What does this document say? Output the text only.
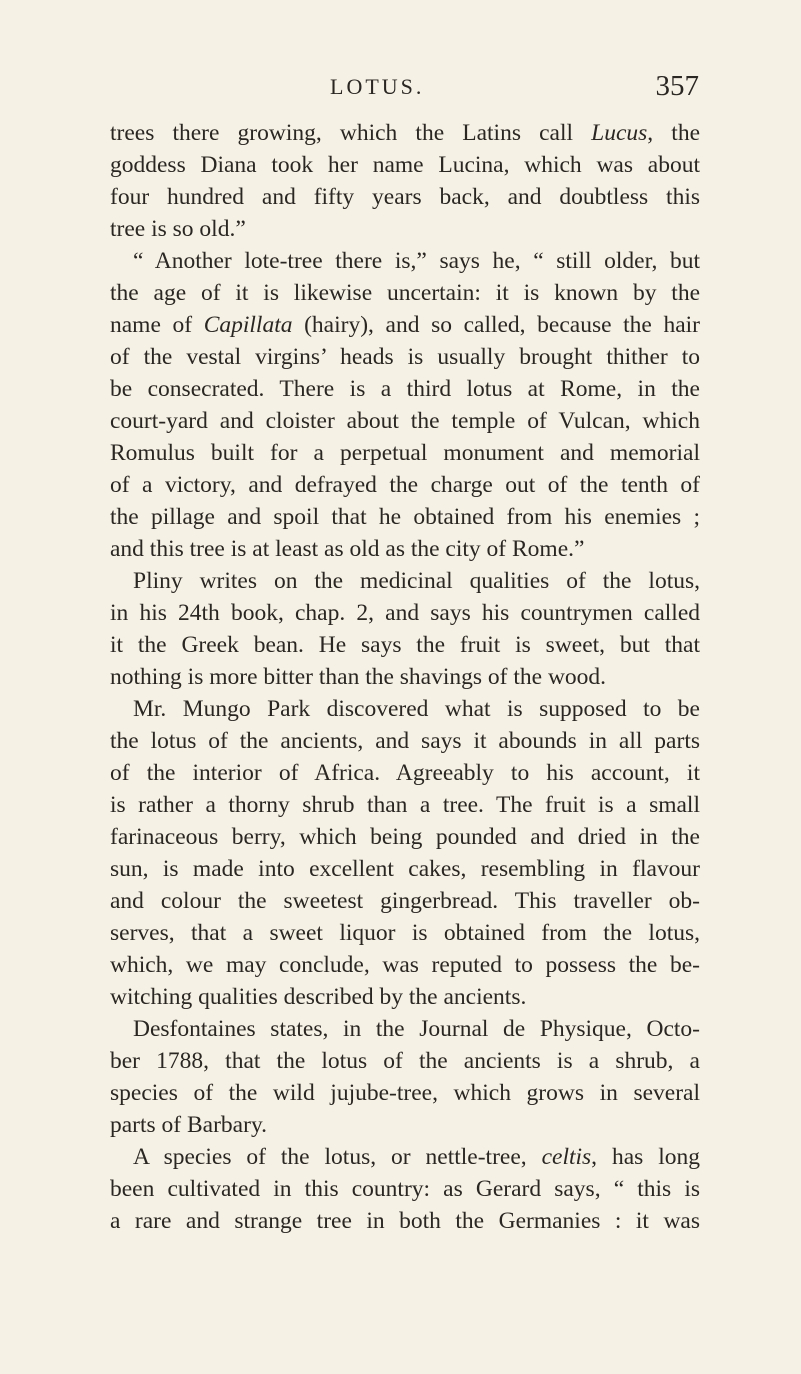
LOTUS.	357
trees there growing, which the Latins call Lucus, the
goddess Diana took her name Lucina, which was about
four hundred and fifty years back, and doubtless this
tree is so old.”
“ Another lote-tree there is,” says he, “ still older, but
the age of it is likewise uncertain: it is known by the
name of Capillata (hairy), and so called, because the hair
of the vestal virgins’ heads is usually brought thither to
be consecrated. There is a third lotus at Rome, in the
court-yard and cloister about the temple of Vulcan, which
Romulus built for a perpetual monument and memorial
of a victory, and defrayed the charge out of the tenth of
the pillage and spoil that he obtained from his enemies ;
and this tree is at least as old as the city of Rome.”
Pliny writes on the medicinal qualities of the lotus,
in his 24th book, chap. 2, and says his countrymen called
it the Greek bean. He says the fruit is sweet, but that
nothing is more bitter than the shavings of the wood.
Mr. Mungo Park discovered what is supposed to be
the lotus of the ancients, and says it abounds in all parts
of the interior of Africa. Agreeably to his account, it
is rather a thorny shrub than a tree. The fruit is a small
farinaceous berry, which being pounded and dried in the
sun, is made into excellent cakes, resembling in flavour
and colour the sweetest gingerbread. This traveller ob-
serves, that a sweet liquor is obtained from the lotus,
which, we may conclude, was reputed to possess the be-
witching qualities described by the ancients.
Desfontaines states, in the Journal de Physique, Octo-
ber 1788, that the lotus of the ancients is a shrub, a
species of the wild jujube-tree, which grows in several
parts of Barbary.
A species of the lotus, or nettle-tree, celtis, has long
been cultivated in this country: as Gerard says, “ this is
a rare and strange tree in both the Germanies : it was
